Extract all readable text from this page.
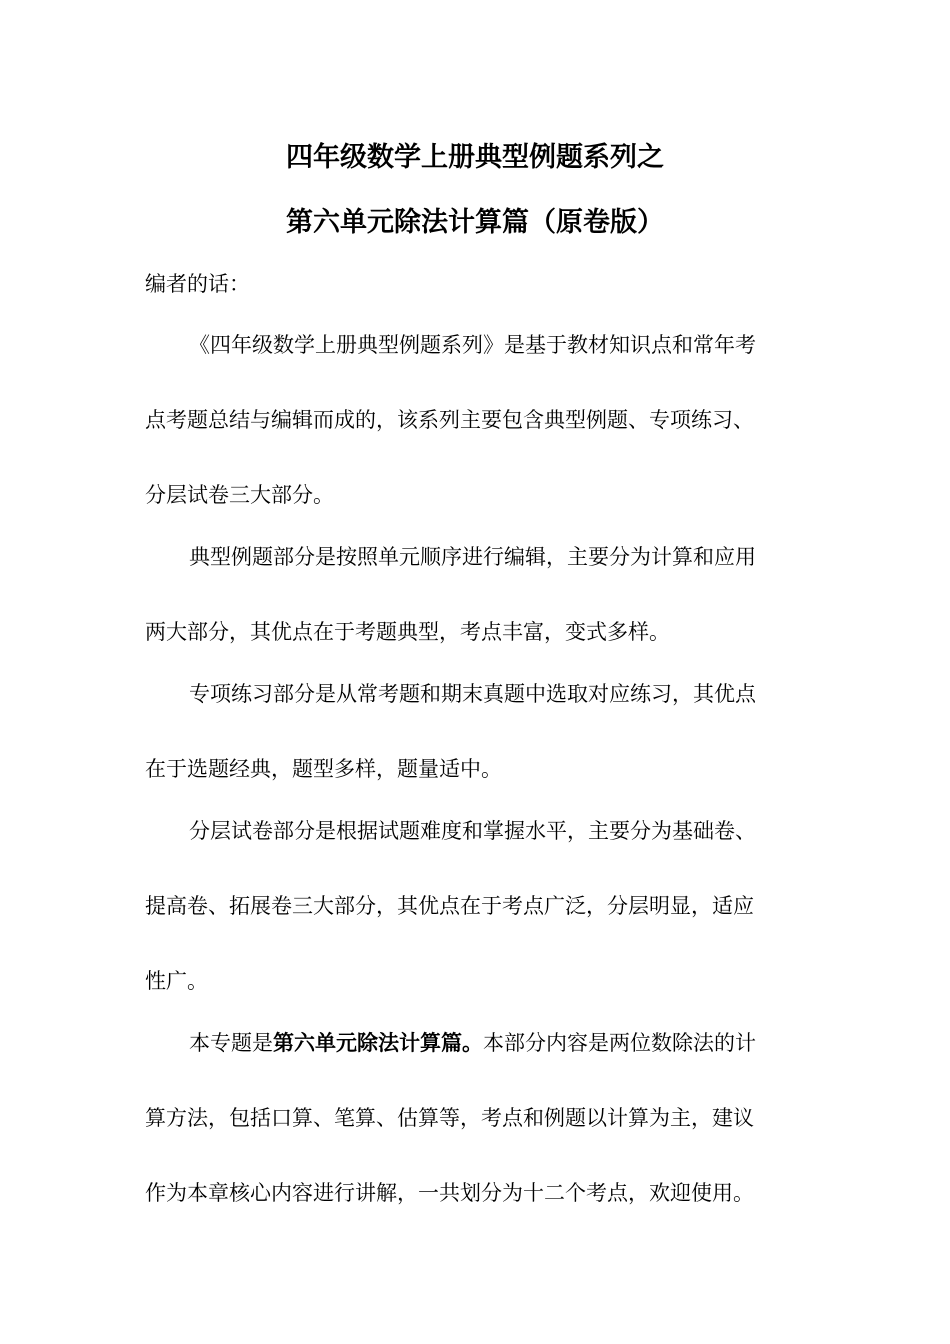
四年级数学上册典型例题系列之
第六单元除法计算篇（原卷版）
编者的话：
《四年级数学上册典型例题系列》是基于教材知识点和常年考
点考题总结与编辑而成的，该系列主要包含典型例题、专项练习、
分层试卷三大部分。
典型例题部分是按照单元顺序进行编辑，主要分为计算和应用
两大部分，其优点在于考题典型，考点丰富，变式多样。
专项练习部分是从常考题和期末真题中选取对应练习，其优点
在于选题经典，题型多样，题量适中。
分层试卷部分是根据试题难度和掌握水平，主要分为基础卷、
提高卷、拓展卷三大部分，其优点在于考点广泛，分层明显，适应
性广。
本专题是第六单元除法计算篇。本部分内容是两位数除法的计
算方法，包括口算、笔算、估算等，考点和例题以计算为主，建议
作为本章核心内容进行讲解，一共划分为十二个考点，欢迎使用。
